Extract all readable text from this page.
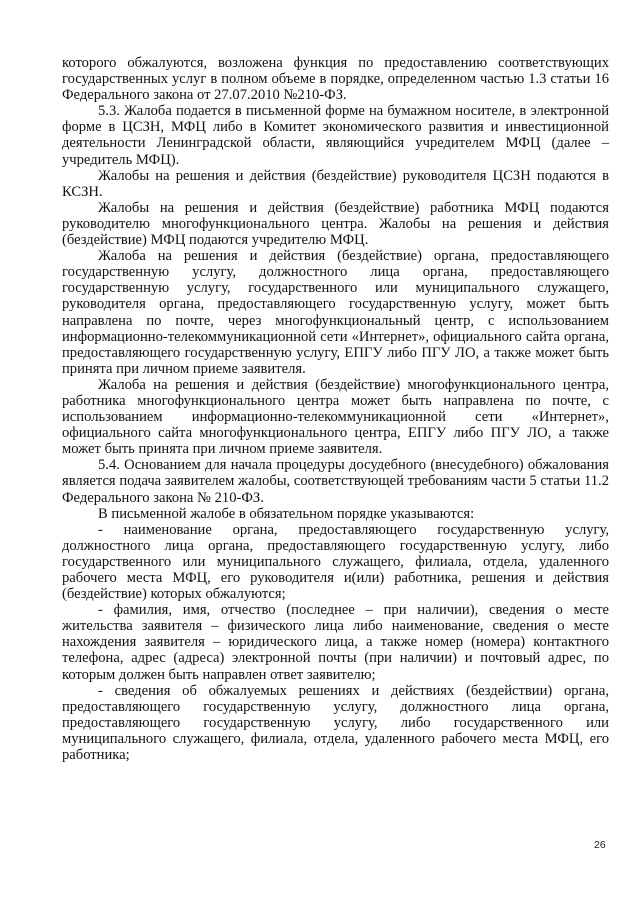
которого обжалуются, возложена функция по предоставлению соответствующих государственных услуг в полном объеме в порядке, определенном частью 1.3 статьи 16 Федерального закона от 27.07.2010 №210-ФЗ.

5.3. Жалоба подается в письменной форме на бумажном носителе, в электронной форме в ЦСЗН, МФЦ либо в Комитет экономического развития и инвестиционной деятельности Ленинградской области, являющийся учредителем МФЦ (далее – учредитель МФЦ).

Жалобы на решения и действия (бездействие) руководителя ЦСЗН подаются в КСЗН.

Жалобы на решения и действия (бездействие) работника МФЦ подаются руководителю многофункционального центра. Жалобы на решения и действия (бездействие) МФЦ подаются учредителю МФЦ.

Жалоба на решения и действия (бездействие) органа, предоставляющего государственную услугу, должностного лица органа, предоставляющего государственную услугу, государственного или муниципального служащего, руководителя органа, предоставляющего государственную услугу, может быть направлена по почте, через многофункциональный центр, с использованием информационно-телекоммуникационной сети «Интернет», официального сайта органа, предоставляющего государственную услугу, ЕПГУ либо ПГУ ЛО, а также может быть принята при личном приеме заявителя.

Жалоба на решения и действия (бездействие) многофункционального центра, работника многофункционального центра может быть направлена по почте, с использованием информационно-телекоммуникационной сети «Интернет», официального сайта многофункционального центра, ЕПГУ либо ПГУ ЛО, а также может быть принята при личном приеме заявителя.

5.4. Основанием для начала процедуры досудебного (внесудебного) обжалования является подача заявителем жалобы, соответствующей требованиям части 5 статьи 11.2 Федерального закона № 210-ФЗ.

В письменной жалобе в обязательном порядке указываются:

- наименование органа, предоставляющего государственную услугу, должностного лица органа, предоставляющего государственную услугу, либо государственного или муниципального служащего, филиала, отдела, удаленного рабочего места МФЦ, его руководителя и(или) работника, решения и действия (бездействие) которых обжалуются;

- фамилия, имя, отчество (последнее – при наличии), сведения о месте жительства заявителя – физического лица либо наименование, сведения о месте нахождения заявителя – юридического лица, а также номер (номера) контактного телефона, адрес (адреса) электронной почты (при наличии) и почтовый адрес, по которым должен быть направлен ответ заявителю;

- сведения об обжалуемых решениях и действиях (бездействии) органа, предоставляющего государственную услугу, должностного лица органа, предоставляющего государственную услугу, либо государственного или муниципального служащего, филиала, отдела, удаленного рабочего места МФЦ, его работника;

26
